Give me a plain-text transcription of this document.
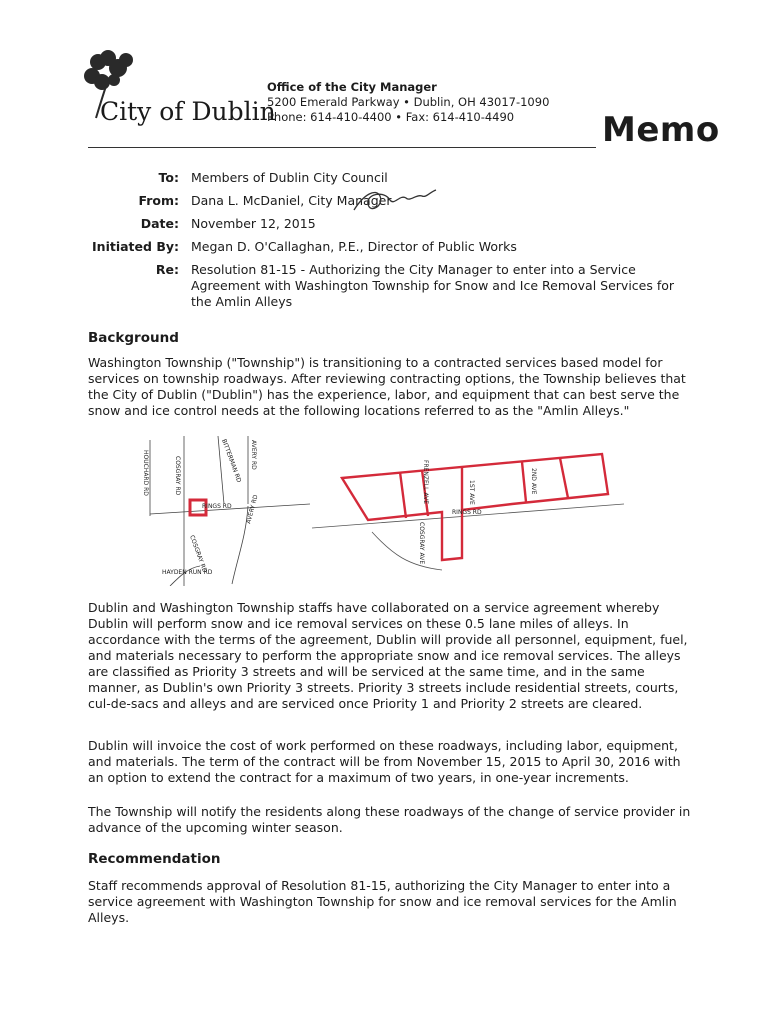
City of Dublin
Office of the City Manager
5200 Emerald Parkway • Dublin, OH 43017-1090
Phone: 614-410-4400 • Fax: 614-410-4490	Memo
To: Members of Dublin City Council
From: Dana L. McDaniel, City Manager
Date: November 12, 2015
Initiated By: Megan D. O'Callaghan, P.E., Director of Public Works
Re: Resolution 81-15 - Authorizing the City Manager to enter into a Service Agreement with Washington Township for Snow and Ice Removal Services for the Amlin Alleys
Background
Washington Township ("Township") is transitioning to a contracted services based model for services on township roadways. After reviewing contracting options, the Township believes that the City of Dublin ("Dublin") has the experience, labor, and equipment that can best serve the snow and ice control needs at the following locations referred to as the "Amlin Alleys."
HOUCHARD RD	COSGRAY RD	BITTERMAN RD AVERY RD
RINGS RD
COSGRAY RD
AVERY RD
HAYDEN RUN RD
FRENZELL AVE	1ST AVE	2ND AVE
RINGS RD
COSGRAY AVE
Dublin and Washington Township staffs have collaborated on a service agreement whereby Dublin will perform snow and ice removal services on these 0.5 lane miles of alleys. In accordance with the terms of the agreement, Dublin will provide all personnel, equipment, fuel, and materials necessary to perform the appropriate snow and ice removal services. The alleys are classified as Priority 3 streets and will be serviced at the same time, and in the same manner, as Dublin's own Priority 3 streets. Priority 3 streets include residential streets, courts, cul-de-sacs and alleys and are serviced once Priority 1 and Priority 2 streets are cleared.
Dublin will invoice the cost of work performed on these roadways, including labor, equipment, and materials. The term of the contract will be from November 15, 2015 to April 30, 2016 with an option to extend the contract for a maximum of two years, in one-year increments.
The Township will notify the residents along these roadways of the change of service provider in advance of the upcoming winter season.
Recommendation
Staff recommends approval of Resolution 81-15, authorizing the City Manager to enter into a service agreement with Washington Township for snow and ice removal services for the Amlin Alleys.
